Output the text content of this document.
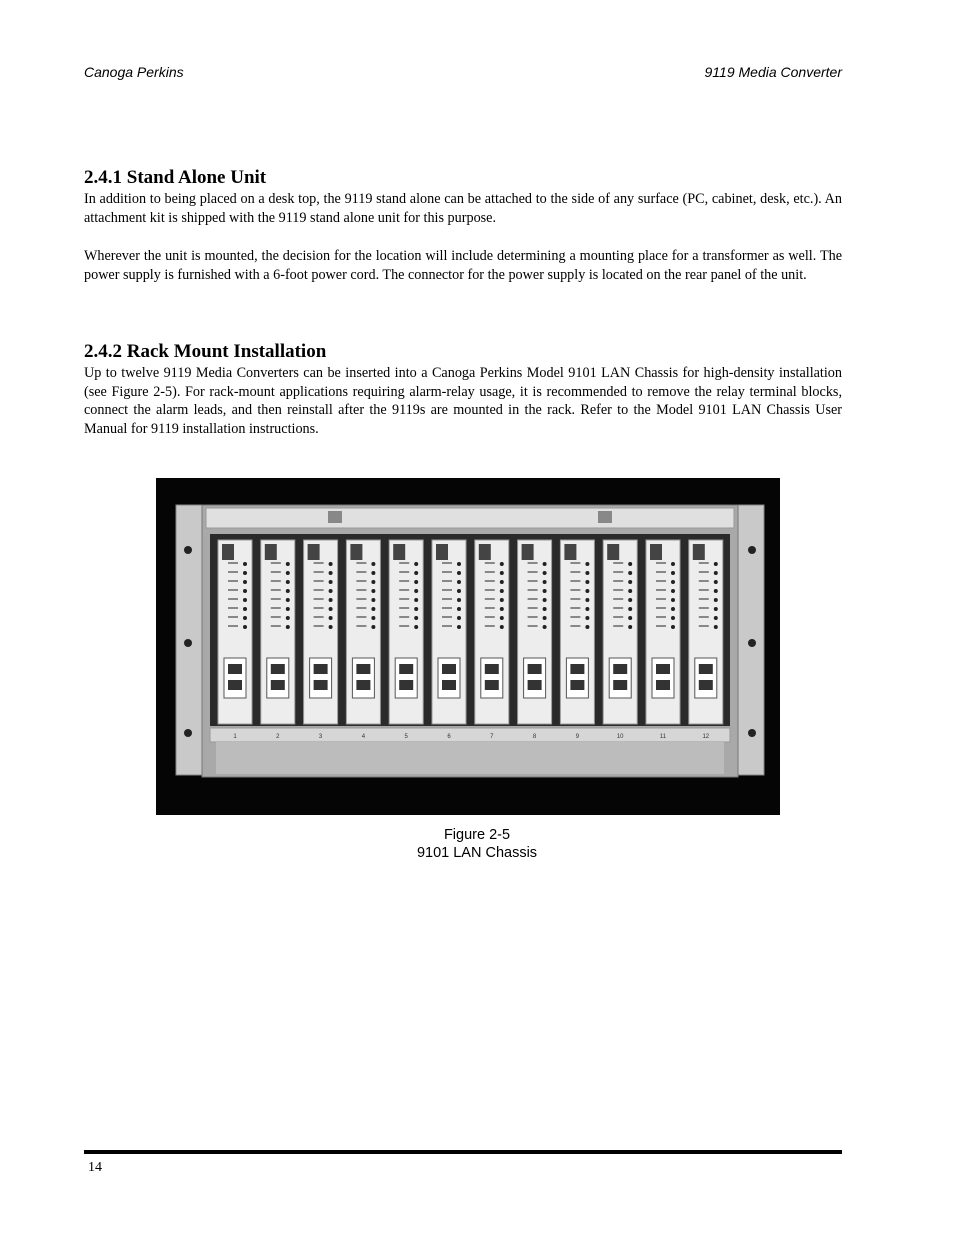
Canoga Perkins	9119 Media Converter
2.4.1 Stand Alone Unit

In addition to being placed on a desk top, the 9119 stand alone can be attached to the side of any surface (PC, cabinet, desk, etc.). An attachment kit is shipped with the 9119 stand alone unit for this purpose.

Wherever the unit is mounted, the decision for the location will include determining a mounting place for a transformer as well. The power supply is furnished with a 6-foot power cord. The connector for the power supply is located on the rear panel of the unit.

2.4.2 Rack Mount Installation

Up to twelve 9119 Media Converters can be inserted into a Canoga Perkins Model 9101 LAN Chassis for high-density installation (see Figure 2-5). For rack-mount applications requiring alarm-relay usage, it is recommended to remove the relay terminal blocks, connect the alarm leads, and then reinstall after the 9119s are mounted in the rack. Refer to the Model 9101 LAN Chassis User Manual for 9119 installation instructions.

1	2	3	4	5	6	7	8	9	10	11	12
Figure 2-5
9101 LAN Chassis
14
